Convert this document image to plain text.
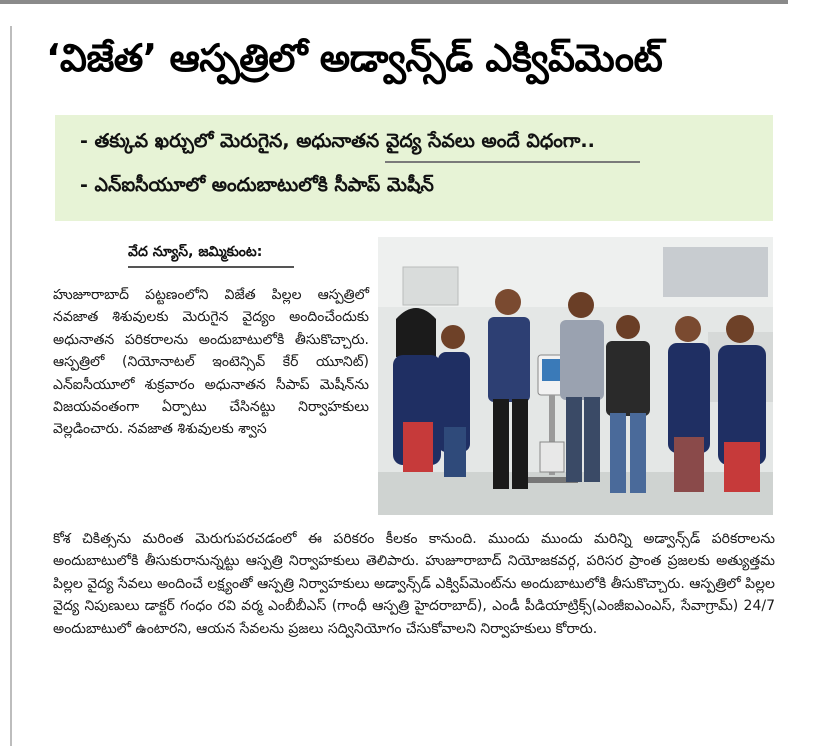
‘విజేత’ ఆస్పత్రిలో అడ్వాన్స్‌డ్ ఎక్విప్‌మెంట్
- తక్కువ ఖర్చులో మెరుగైన, అధునాతన వైద్య సేవలు అందే విధంగా..
- ఎన్‌ఐసీయూలో అందుబాటులోకి సీపాప్ మెషీన్
వేద న్యూస్, జమ్మికుంట:
హుజూరాబాద్ పట్టణంలోని విజేత పిల్లల ఆస్పత్రిలో నవజాత శిశువులకు మెరుగైన వైద్యం అందించేందుకు అధునాతన పరికరాలను అందుబాటులోకి తీసుకొచ్చారు. ఆస్పత్రిలో (నియోనాటల్ ఇంటెన్సివ్ కేర్ యూనిట్) ఎన్‌ఐసీయూలో శుక్రవారం అధునాతన సీపాప్ మెషీన్‌ను విజయవంతంగా ఏర్పాటు చేసినట్టు నిర్వాహకులు వెల్లడించారు. నవజాత శిశువులకు శ్వాస
కోశ చికిత్సను మరింత మెరుగుపరచడంలో ఈ పరికరం కీలకం కానుంది. ముందు ముందు మరిన్ని అడ్వాన్స్‌డ్ పరికరాలను అందుబాటులోకి తీసుకురానున్నట్టు ఆస్పత్రి నిర్వాహకులు తెలిపారు. హుజూరాబాద్ నియోజకవర్గ, పరిసర ప్రాంత ప్రజలకు అత్యుత్తమ పిల్లల వైద్య సేవలు అందించే లక్ష్యంతో ఆస్పత్రి నిర్వాహకులు అడ్వాన్స్‌డ్ ఎక్విప్‌మెంట్‌ను అందుబాటులోకి తీసుకొచ్చారు. ఆస్పత్రిలో పిల్లల వైద్య నిపుణులు డాక్టర్ గంధం రవి వర్మ ఎంబీబీఎస్ (గాంధీ ఆస్పత్రి హైదరాబాద్), ఎండీ పీడియాట్రిక్స్(ఎంజీఐఎంఎస్, సేవాగ్రామ్) 24/7 అందుబాటులో ఉంటారని, ఆయన సేవలను ప్రజలు సద్వినియోగం చేసుకోవాలని నిర్వాహకులు కోరారు.
